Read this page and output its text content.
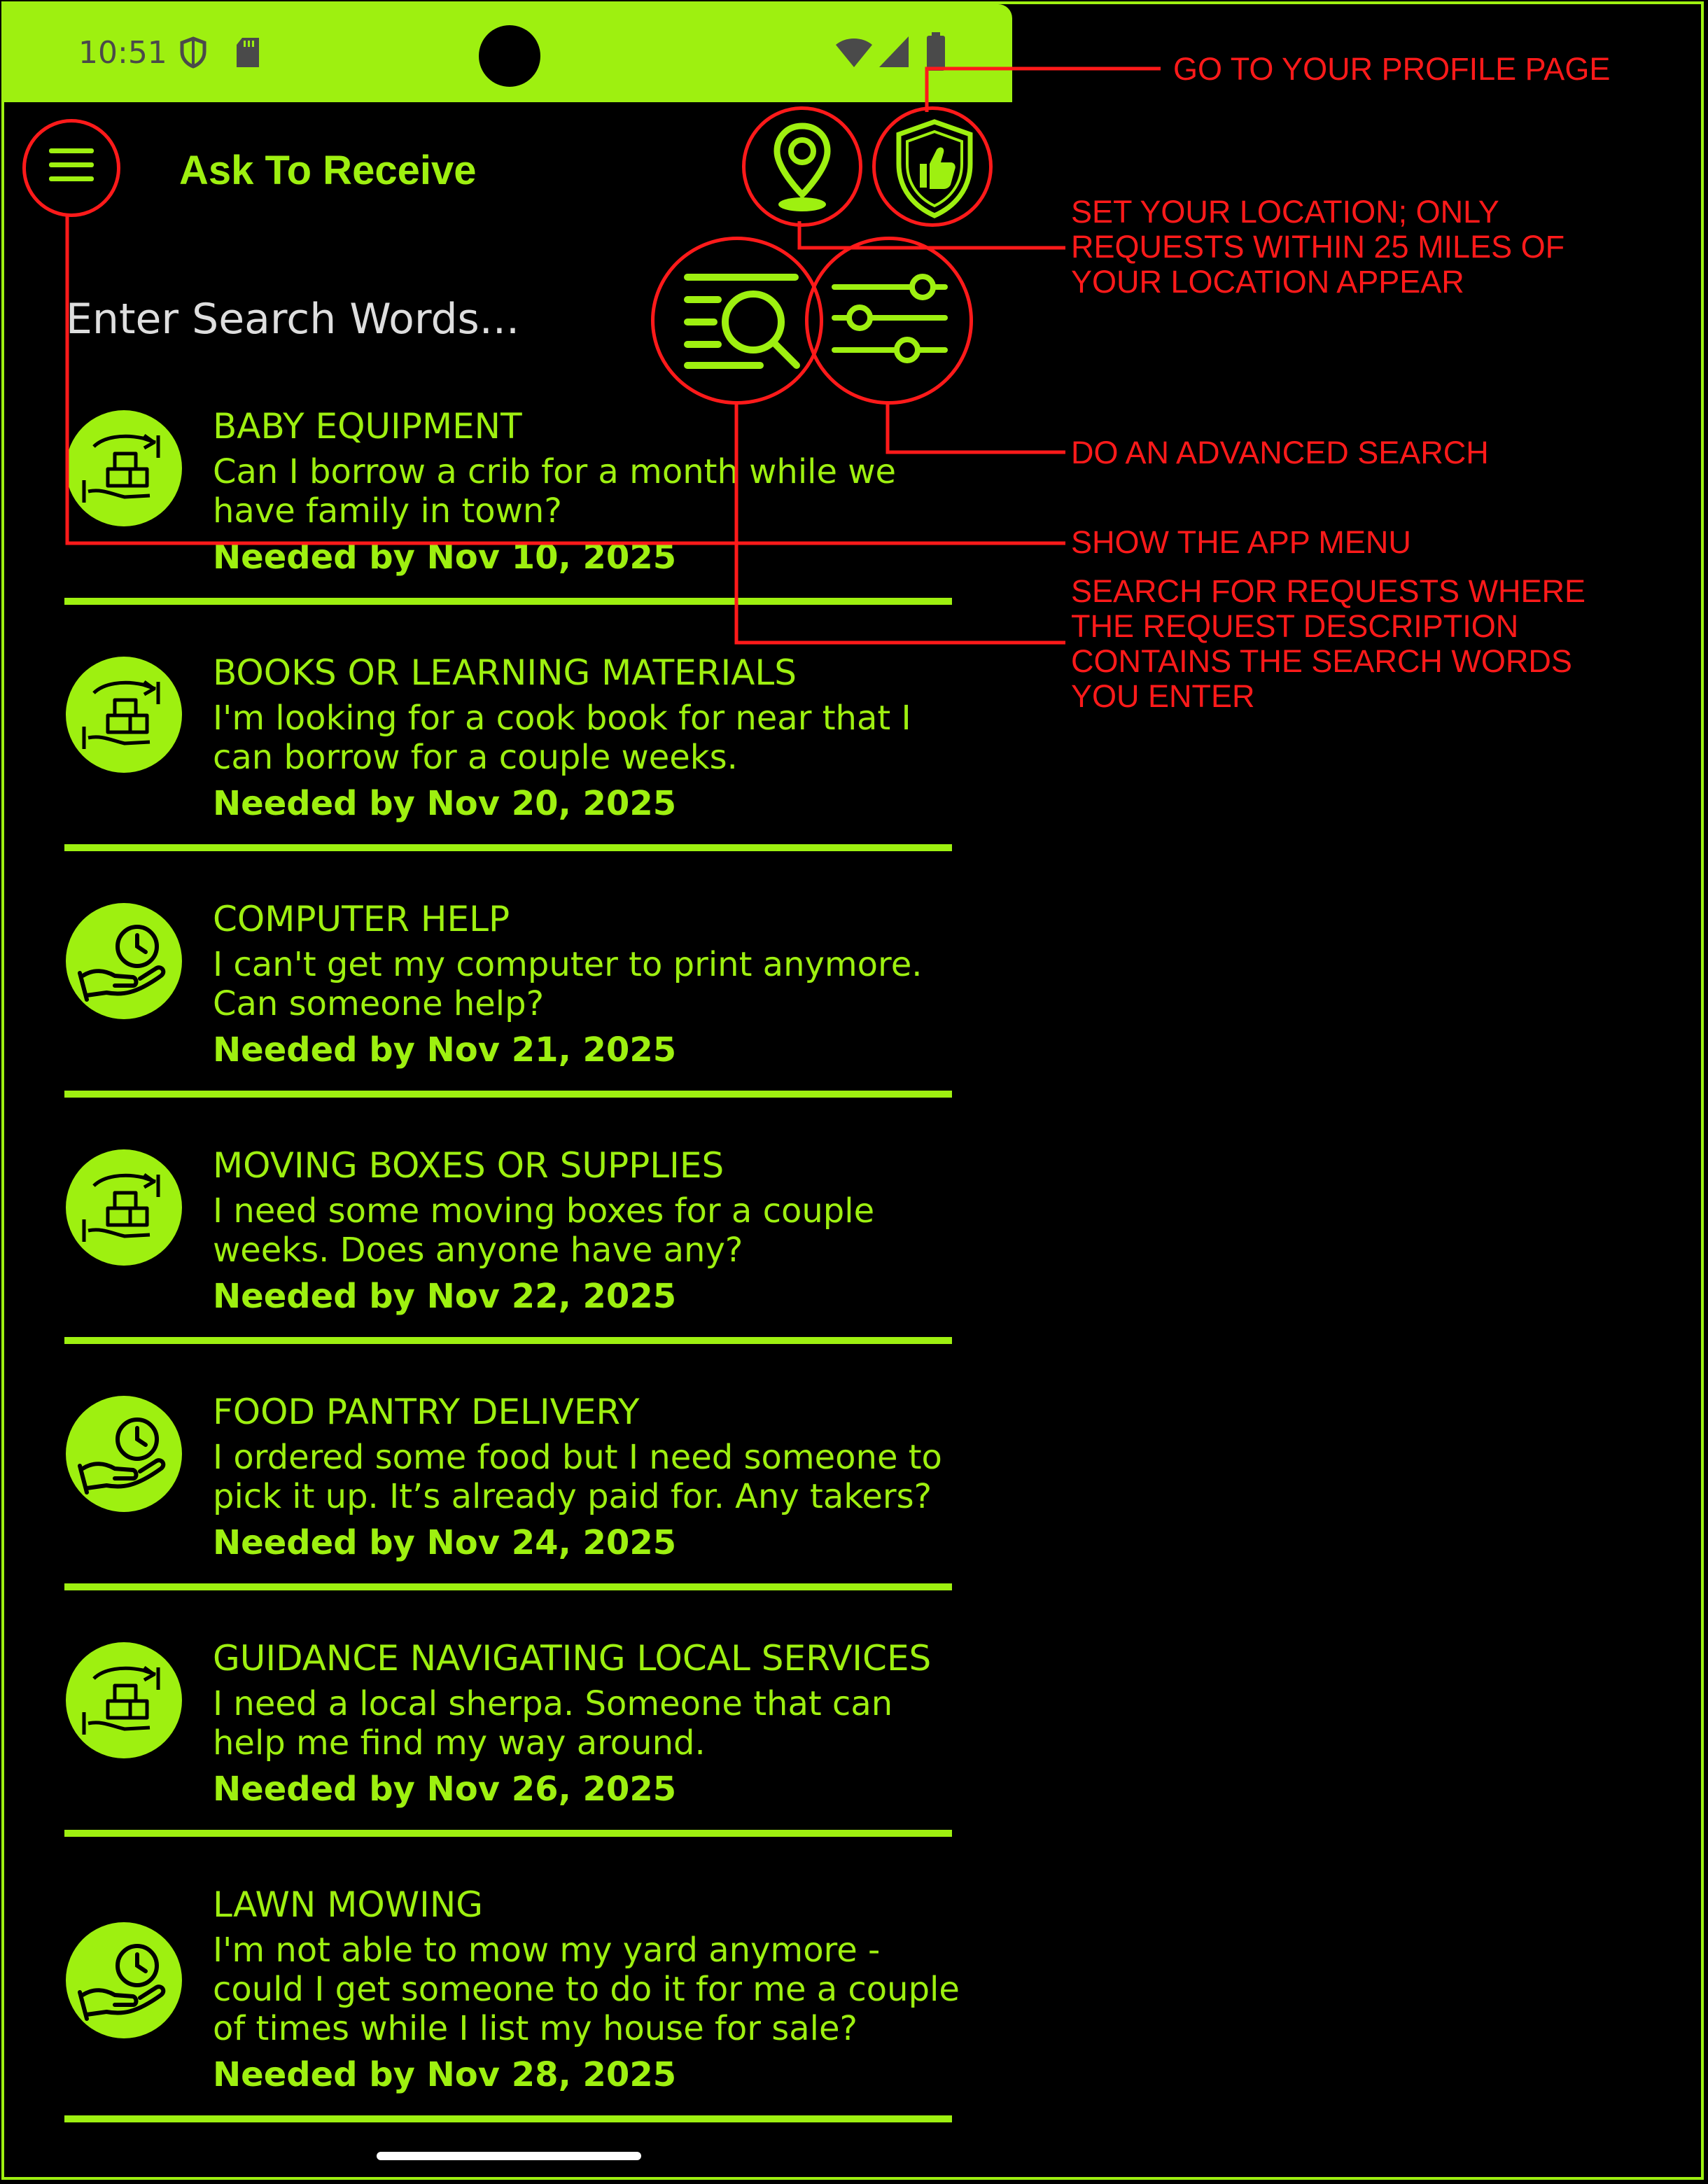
10:51
Ask To Receive
Enter Search Words...
BABY EQUIPMENT
Can I borrow a crib for a month while we have family in town?
Needed by Nov 10, 2025
BOOKS OR LEARNING MATERIALS
I'm looking for a cook book for near that I can borrow for a couple weeks.
Needed by Nov 20, 2025
COMPUTER HELP
I can't get my computer to print anymore. Can someone help?
Needed by Nov 21, 2025
MOVING BOXES OR SUPPLIES
I need some moving boxes for a couple weeks. Does anyone have any?
Needed by Nov 22, 2025
FOOD PANTRY DELIVERY
I ordered some food but I need someone to pick it up. It’s already paid for. Any takers?
Needed by Nov 24, 2025
GUIDANCE NAVIGATING LOCAL SERVICES
I need a local sherpa. Someone that can help me find my way around.
Needed by Nov 26, 2025
LAWN MOWING
I'm not able to mow my yard anymore - could I get someone to do it for me a couple of times while I list my house for sale?
Needed by Nov 28, 2025
GO TO YOUR PROFILE PAGE
SET YOUR LOCATION; ONLY
REQUESTS WITHIN 25 MILES OF
YOUR LOCATION APPEAR
DO AN ADVANCED SEARCH
SHOW THE APP MENU
SEARCH FOR REQUESTS WHERE
THE REQUEST DESCRIPTION
CONTAINS THE SEARCH WORDS
YOU ENTER
